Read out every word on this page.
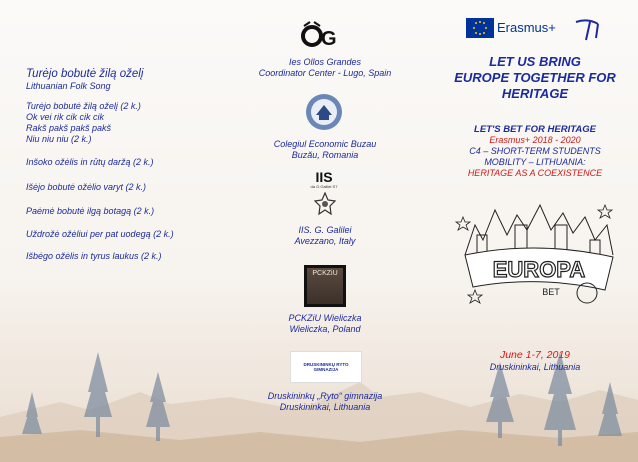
Turėjo bobutė žilą oželį
Lithuanian Folk Song
Turėjo bobutė žilą oželį (2 k.)
Ok vei rik cik cik cik
Rakš pakš pakš pakš
Niu niu niu (2 k.)
Inšoko ožėlis in rūtų daržą (2 k.)
Išėjo bobutė ožėlio varyt (2 k.)
Paėmė bobutė ilgą botagą (2 k.)
Uždrožė ožėliui per pat uodegą (2 k.)
Išbėgo ožėlis in tyrus laukus (2 k.)
G
Ies Ollos Grandes
Coordinator Center - Lugo, Spain
Colegiul Economic Buzau
Buzău, Romania
IIS
da G.Galilei S7
IIS. G. Galilei
Avezzano, Italy
PCKZiU
PCKZiU Wieliczka
Wieliczka, Poland
DRUSKININKŲ RYTO GIMNAZIJA
Druskininkų „Ryto“ gimnazija
Druskininkai, Lithuania
Erasmus+
LET US BRING
EUROPE TOGETHER FOR
HERITAGE
LET'S BET FOR HERITAGE
Erasmus+ 2018 - 2020
C4 – SHORT-TERM STUDENTS
MOBILITY – LITHUANIA:
HERITAGE AS A COEXISTENCE
EUROPA
BET
June 1-7, 2019
Druskininkai, Lithuania
